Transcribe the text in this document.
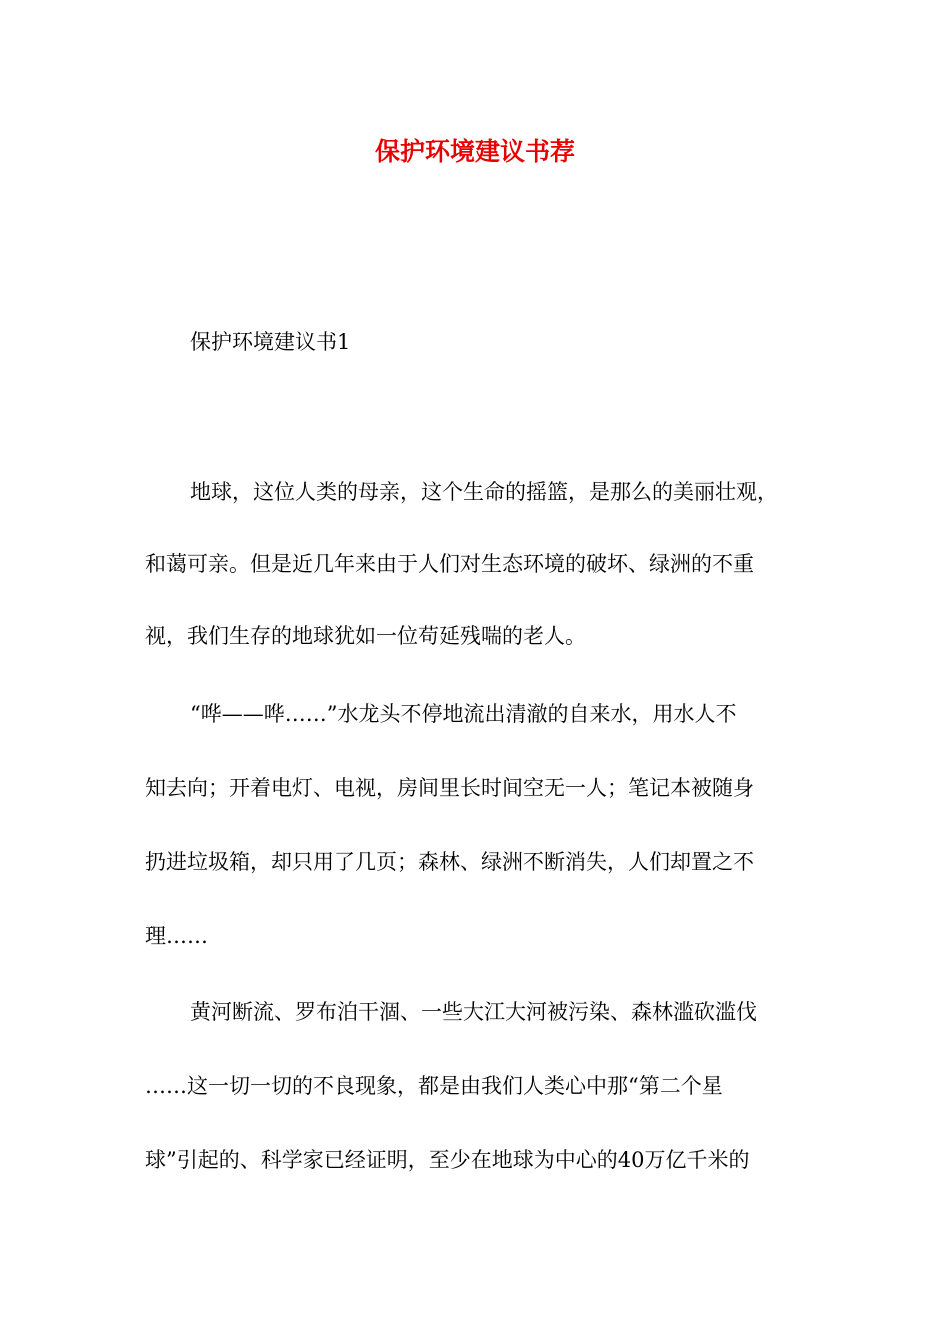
保护环境建议书荐

保护环境建议书1

地球，这位人类的母亲，这个生命的摇篮，是那么的美丽壮观，

和蔼可亲。但是近几年来由于人们对生态环境的破坏、绿洲的不重

视，我们生存的地球犹如一位苟延残喘的老人。

“哗——哗……”水龙头不停地流出清澈的自来水，用水人不

知去向；开着电灯、电视，房间里长时间空无一人；笔记本被随身

扔进垃圾箱，却只用了几页；森林、绿洲不断消失，人们却置之不

理……

黄河断流、罗布泊干涸、一些大江大河被污染、森林滥砍滥伐

……这一切一切的不良现象，都是由我们人类心中那“第二个星

球”引起的、科学家已经证明，至少在地球为中心的40万亿千米的
